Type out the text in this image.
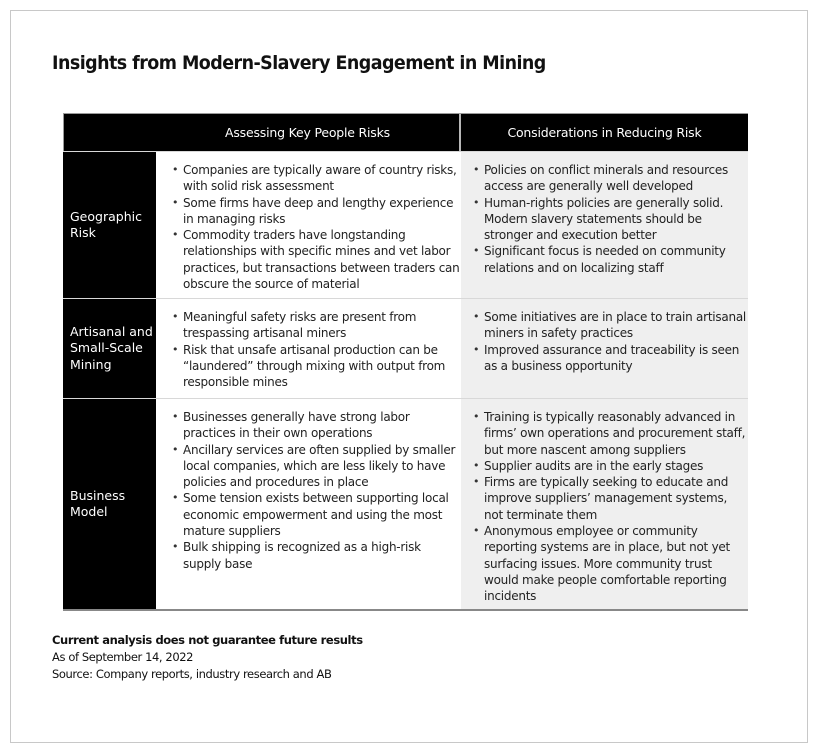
Insights from Modern-Slavery Engagement in Mining
Assessing Key People Risks	Considerations in Reducing Risk
Geographic Risk
• Companies are typically aware of country risks, with solid risk assessment
• Some firms have deep and lengthy experience in managing risks
• Commodity traders have longstanding relationships with specific mines and vet labor practices, but transactions between traders can obscure the source of material
• Policies on conflict minerals and resources access are generally well developed
• Human-rights policies are generally solid. Modern slavery statements should be stronger and execution better
• Significant focus is needed on community relations and on localizing staff
Artisanal and Small-Scale Mining
• Meaningful safety risks are present from trespassing artisanal miners
• Risk that unsafe artisanal production can be “laundered” through mixing with output from responsible mines
• Some initiatives are in place to train artisanal miners in safety practices
• Improved assurance and traceability is seen as a business opportunity
Business Model
• Businesses generally have strong labor practices in their own operations
• Ancillary services are often supplied by smaller local companies, which are less likely to have policies and procedures in place
• Some tension exists between supporting local economic empowerment and using the most mature suppliers
• Bulk shipping is recognized as a high-risk supply base
• Training is typically reasonably advanced in firms’ own operations and procurement staff, but more nascent among suppliers
• Supplier audits are in the early stages
• Firms are typically seeking to educate and improve suppliers’ management systems, not terminate them
• Anonymous employee or community reporting systems are in place, but not yet surfacing issues. More community trust would make people comfortable reporting incidents
Current analysis does not guarantee future results
As of September 14, 2022
Source: Company reports, industry research and AB
